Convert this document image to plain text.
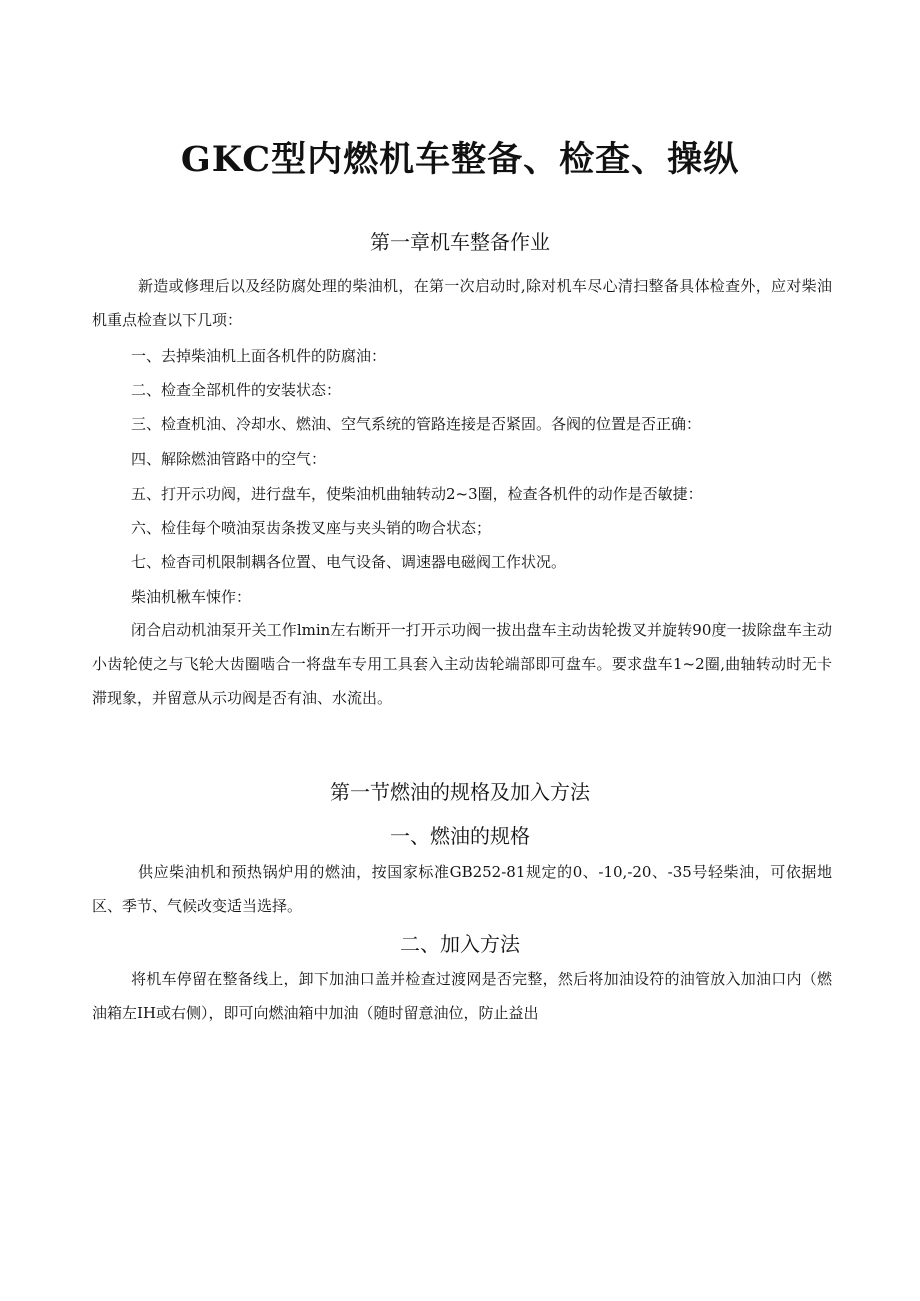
GKC型内燃机车整备、检查、操纵
第一章机车整备作业

新造或修理后以及经防腐处理的柴油机，在第一次启动时,除对机车尽心清扫整备具体检查外，应对柴油机重点检查以下几项：

一、去掉柴油机上面各机件的防腐油：

二、检查全部机件的安装状态：

三、检查机油、冷却水、燃油、空气系统的管路连接是否紧固。各阀的位置是否正确：

四、解除燃油管路中的空气：

五、打开示功阀，进行盘车，使柴油机曲轴转动2~3圈，检查各机件的动作是否敏捷：

六、检佳每个喷油泵齿条拨叉座与夹头销的吻合状态；

七、检杳司机限制耦各位置、电气设备、调速器电磁阀工作状况。

柴油机楸车悚作：

闭合启动机油泵开关工作lmin左右断开一打开示功阀一拔出盘车主动齿轮拨叉并旋转90度一拔除盘车主动小齿轮使之与飞轮大齿圈啮合一将盘车专用工具套入主动齿轮端部即可盘车。要求盘车1~2圈,曲轴转动时无卡滞现象，并留意从示功阀是否有油、水流出。

第一节燃油的规格及加入方法
一、燃油的规格

供应柴油机和预热锅炉用的燃油，按国家标准GB252-81规定的0、-10,-20、-35号轻柴油，可依据地区、季节、气候改变适当选择。

二、加入方法

将机车停留在整备线上，卸下加油口盖并检查过渡网是否完整，然后将加油设符的油管放入加油口内（燃油箱左IH或右侧），即可向燃油箱中加油（随时留意油位，防止益出
